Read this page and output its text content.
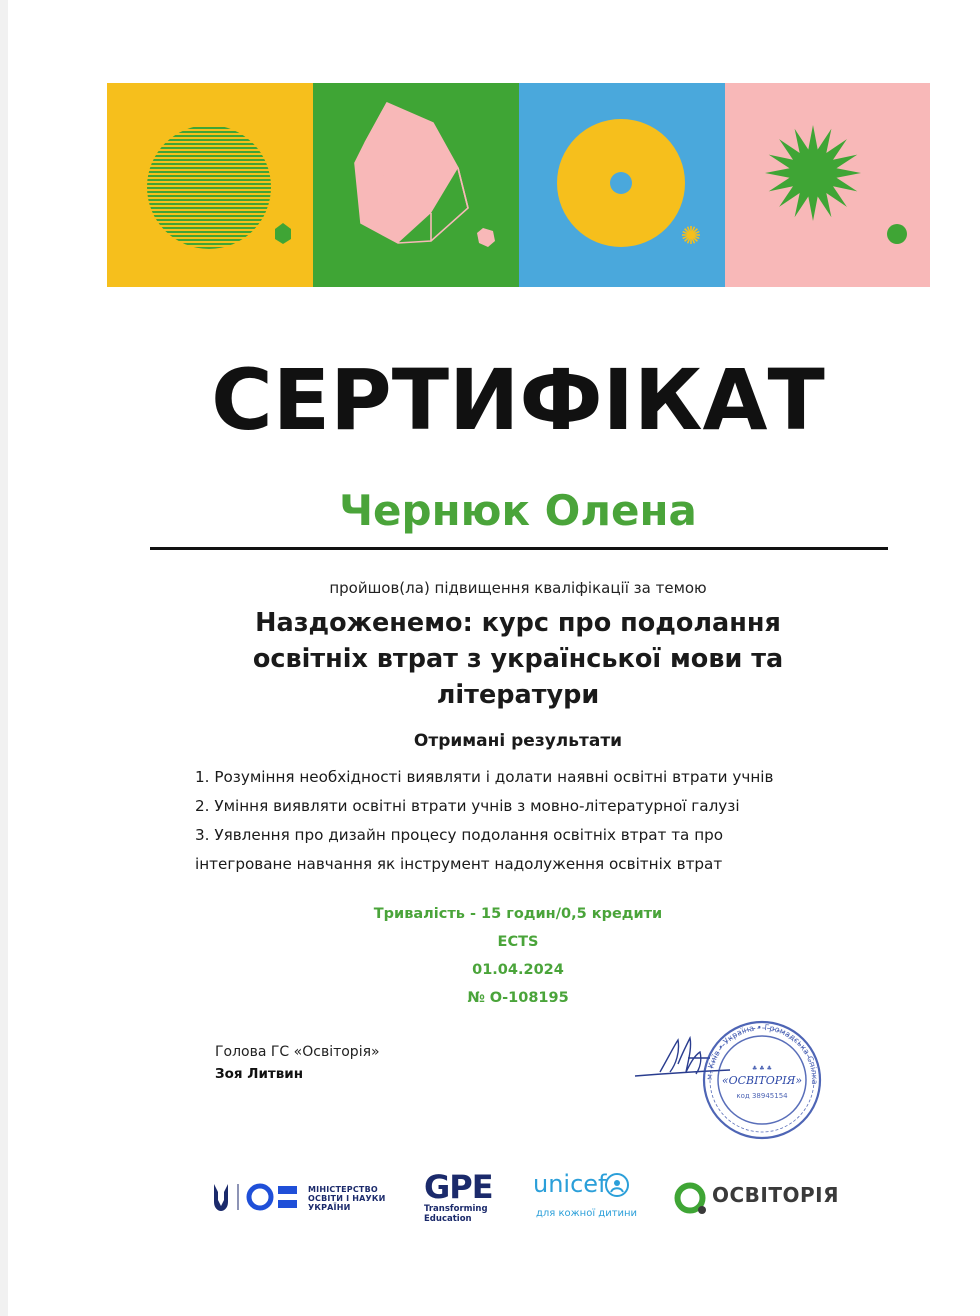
СЕРТИФІКАТ
Чернюк Олена
пройшов(ла) підвищення кваліфікації за темою
Наздоженемо: курс про подолання
освітніх втрат з української мови та
літератури
Отримані результати
1. Розуміння необхідності виявляти і долати наявні освітні втрати учнів
2. Уміння виявляти освітні втрати учнів з мовно-літературної галузі
3. Уявлення про дизайн процесу подолання освітніх втрат та про
інтегроване навчання як інструмент надолуження освітніх втрат
Тривалість - 15 годин/0,5 кредити
ECTS
01.04.2024
№ О-108195
Голова ГС «Освіторія»
Зоя Литвин	♣ ♣ ♣
«ОСВІТОРІЯ»
код 38945154
м. Київ • Україна • Громадська Спілка
МІНІСТЕРСТВО
ОСВІТИ І НАУКИ
УКРАЇНИ
GPE
Transforming
Education
unicef
для кожної дитини
ОСВІТОРІЯ
